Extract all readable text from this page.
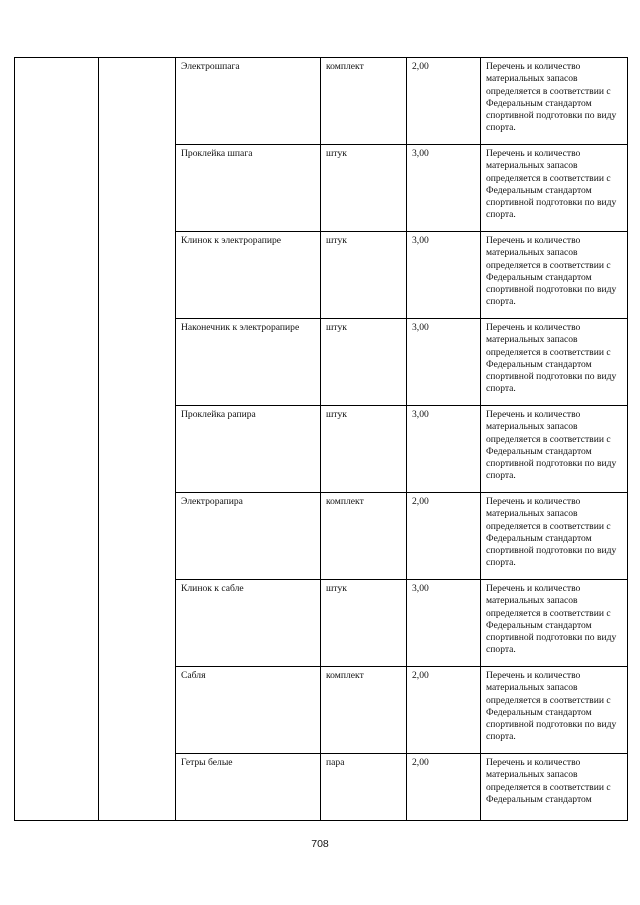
		Электрошпага	комплект	2,00	Перечень и количество материальных запасов определяется в соответствии с Федеральным стандартом спортивной подготовки по виду спорта.
		Проклейка шпага	штук	3,00	Перечень и количество материальных запасов определяется в соответствии с Федеральным стандартом спортивной подготовки по виду спорта.
		Клинок к электрорапире	штук	3,00	Перечень и количество материальных запасов определяется в соответствии с Федеральным стандартом спортивной подготовки по виду спорта.
		Наконечник к электрорапире	штук	3,00	Перечень и количество материальных запасов определяется в соответствии с Федеральным стандартом спортивной подготовки по виду спорта.
		Проклейка рапира	штук	3,00	Перечень и количество материальных запасов определяется в соответствии с Федеральным стандартом спортивной подготовки по виду спорта.
		Электрорапира	комплект	2,00	Перечень и количество материальных запасов определяется в соответствии с Федеральным стандартом спортивной подготовки по виду спорта.
		Клинок к сабле	штук	3,00	Перечень и количество материальных запасов определяется в соответствии с Федеральным стандартом спортивной подготовки по виду спорта.
		Сабля	комплект	2,00	Перечень и количество материальных запасов определяется в соответствии с Федеральным стандартом спортивной подготовки по виду спорта.
		Гетры белые	пара	2,00	Перечень и количество материальных запасов определяется в соответствии с Федеральным стандартом
708
